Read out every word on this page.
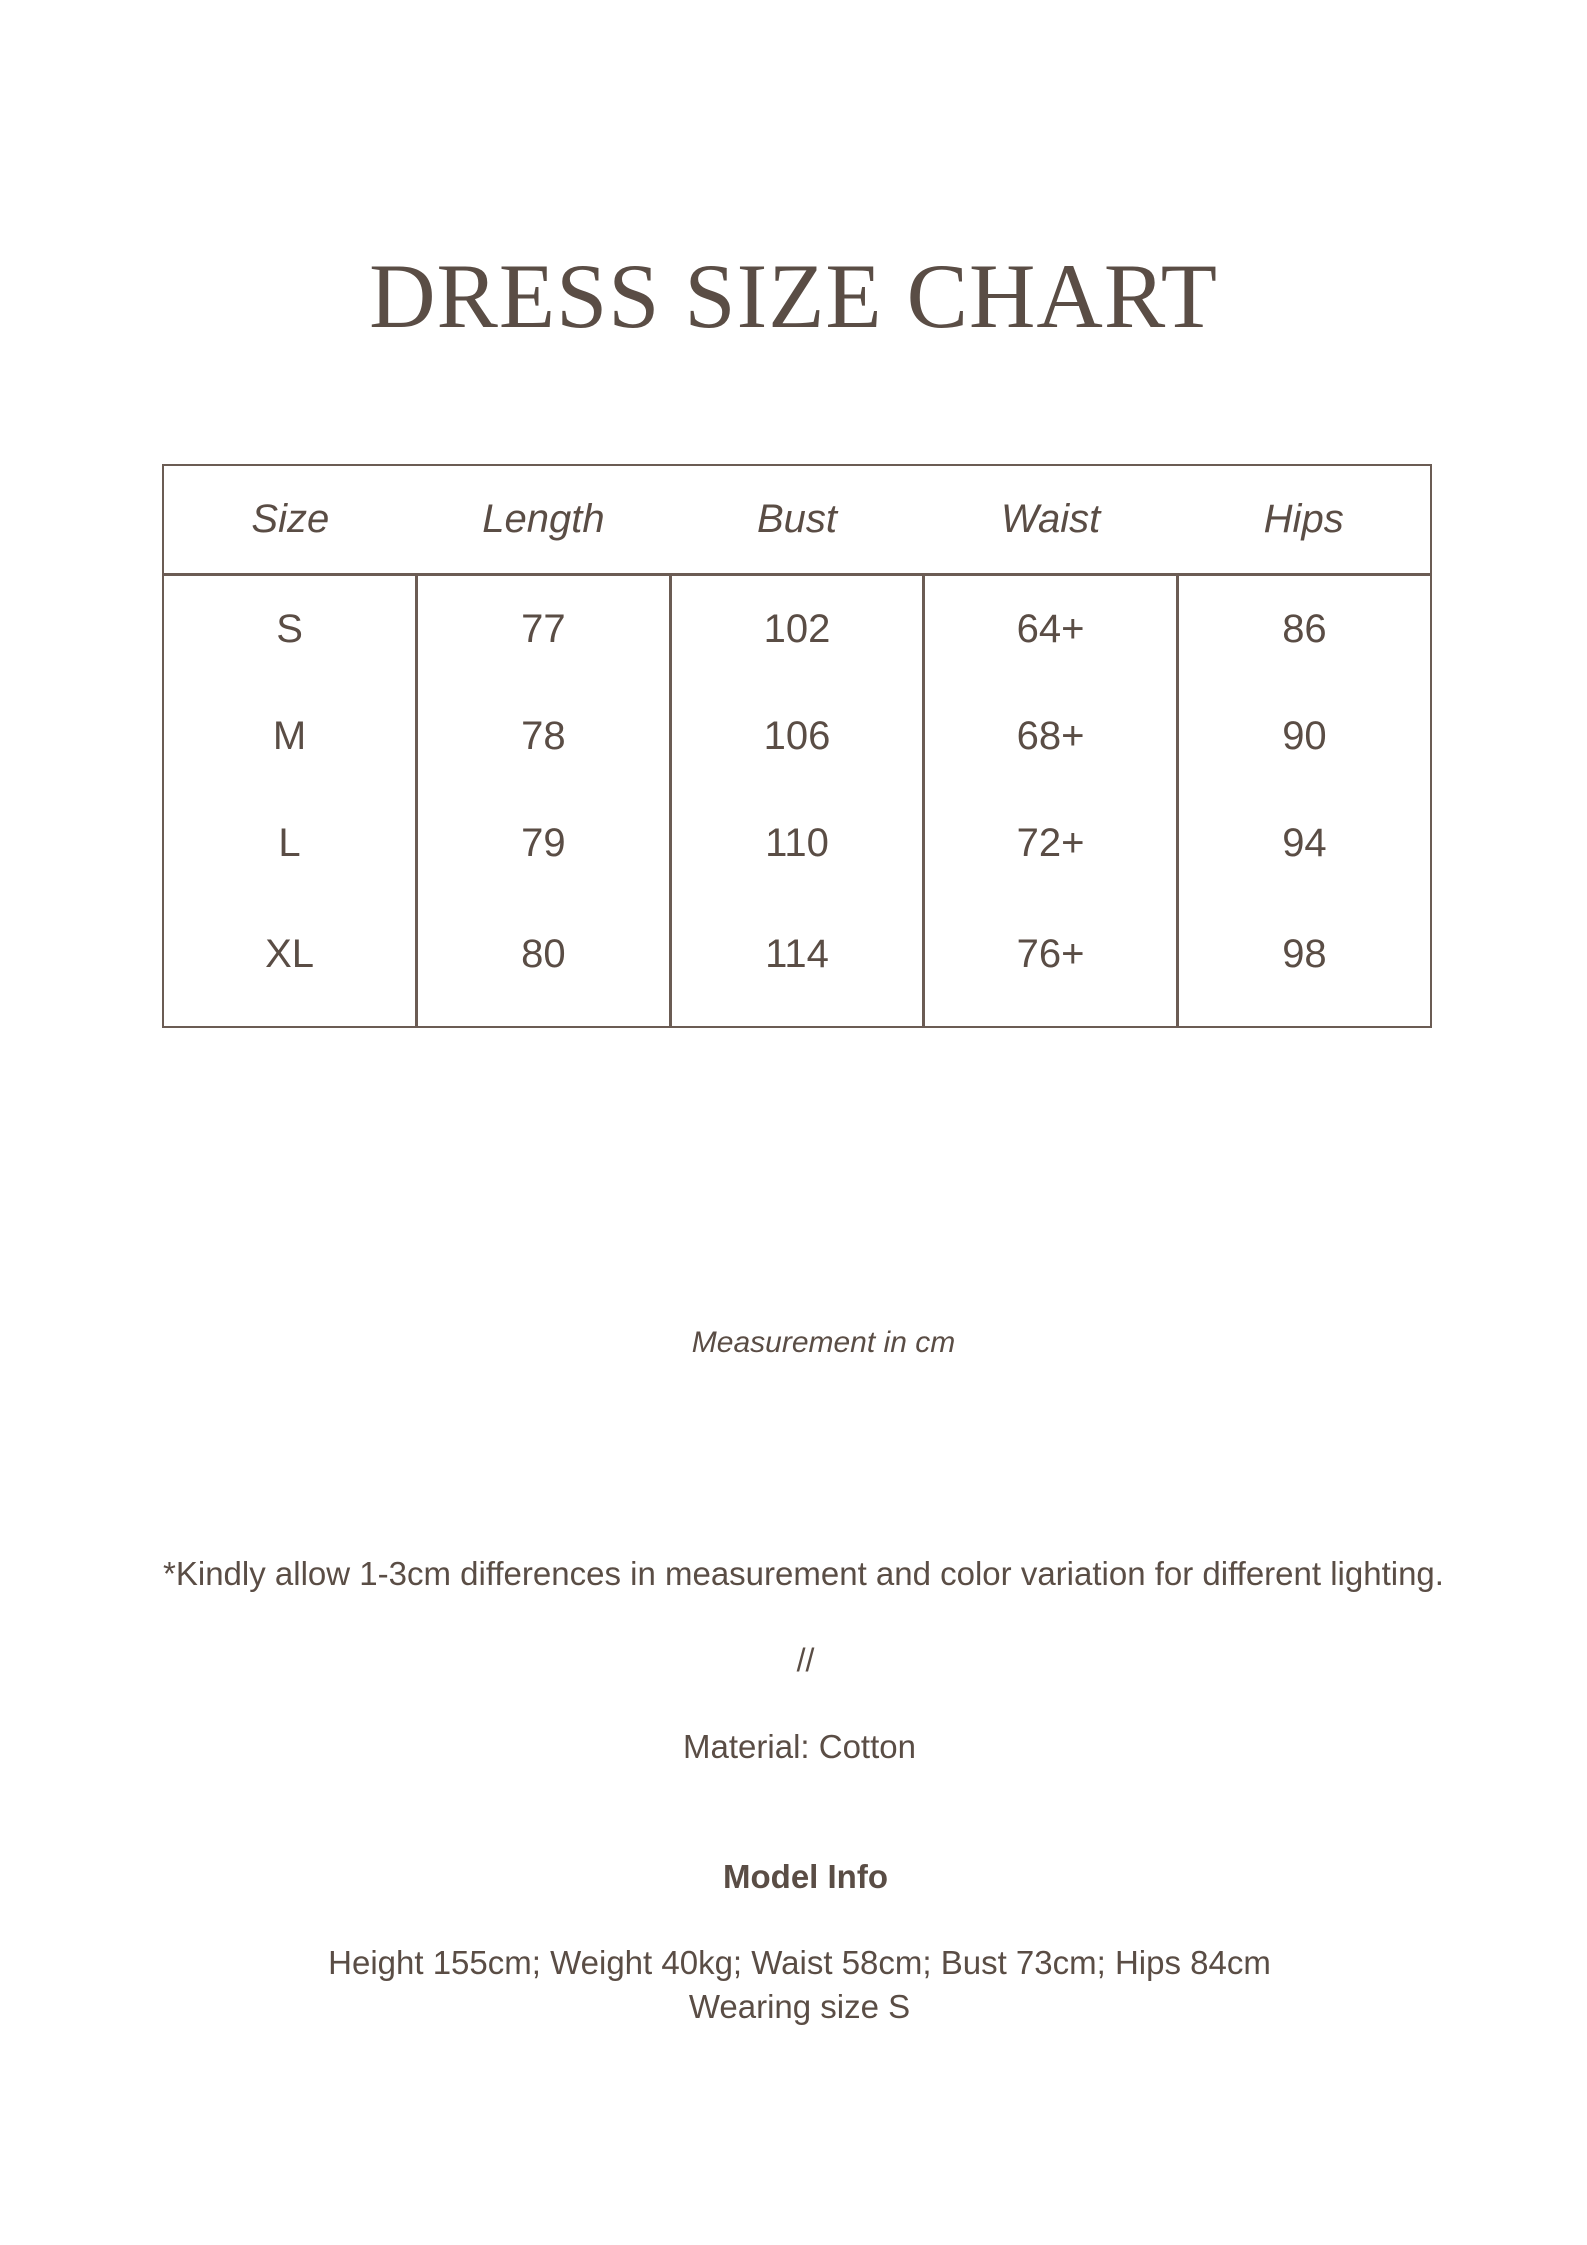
DRESS SIZE CHART
Size	Length	Bust	Waist	Hips
S	77	102	64+	86
M	78	106	68+	90
L	79	110	72+	94
XL	80	114	76+	98

Measurement in cm

*Kindly allow 1-3cm differences in measurement and color variation for different lighting.

//

Material: Cotton

Model Info

Height 155cm; Weight 40kg; Waist 58cm; Bust 73cm; Hips 84cm

Wearing size S
